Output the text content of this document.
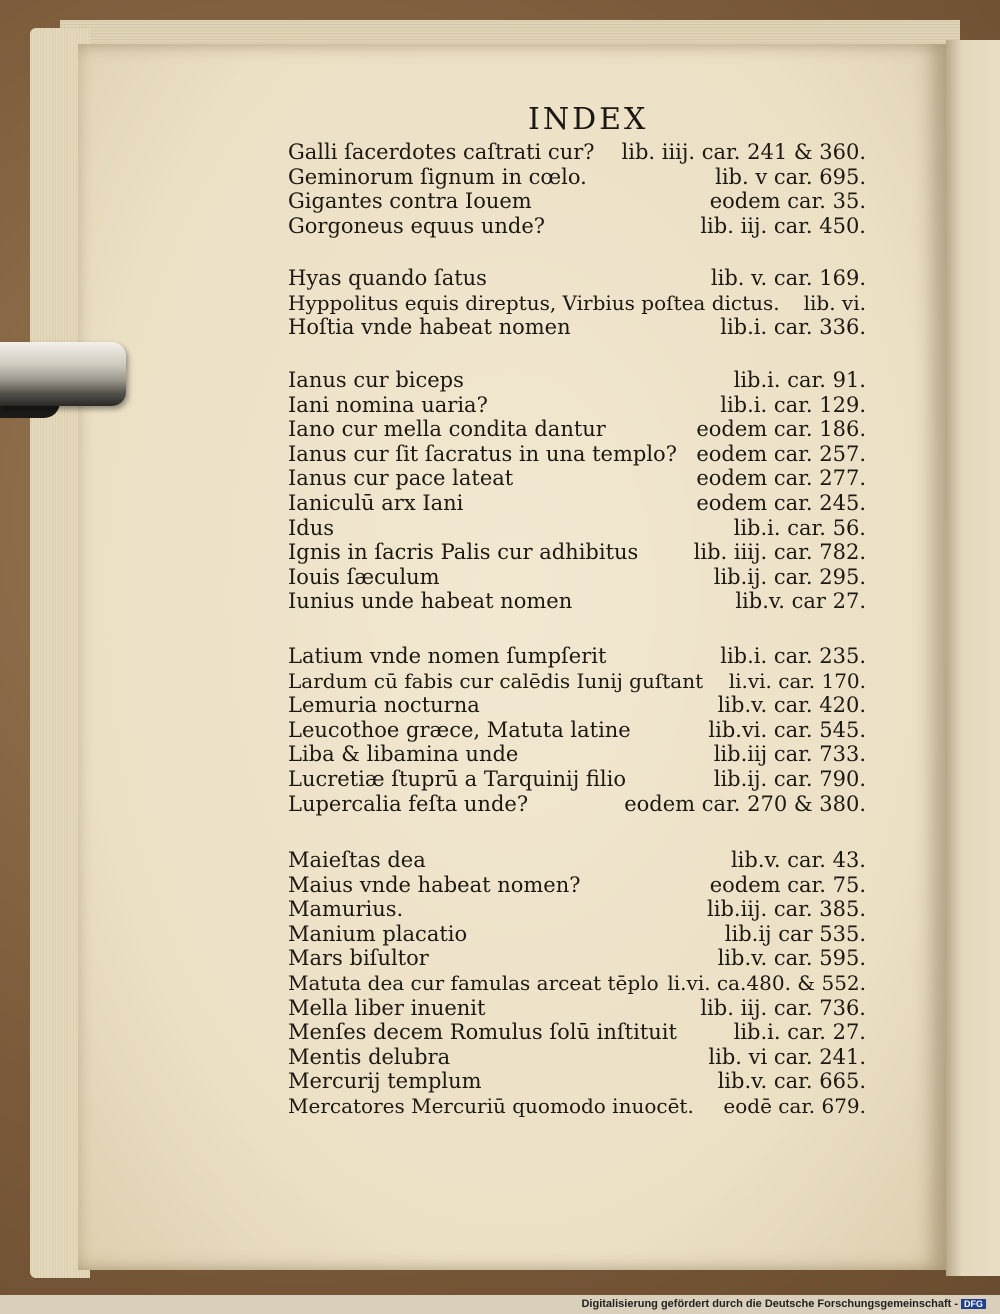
INDEX
Galli ſacerdotes caſtrati cur? lib. iiij. car. 241 & 360.
Geminorum ſignum in cœlo.	lib. v car. 695.
Gigantes contra Iouem	eodem car. 35.
Gorgoneus equus unde?	lib. iij. car. 450.
Hyas quando ſatus	lib. v. car. 169.
Hyppolitus equis direptus, Virbius poſtea dictus. lib. vi.
Hoſtia vnde habeat nomen	lib.i. car. 336.
Ianus cur biceps	lib.i. car. 91.
Iani nomina uaria?	lib.i. car. 129.
Iano cur mella condita dantur	eodem car. 186.
Ianus cur ſit ſacratus in una templo? eodem car. 257.
Ianus cur pace lateat	eodem car. 277.
Ianiculū arx Iani	eodem car. 245.
Idus	lib.i. car. 56.
Ignis in ſacris Palis cur adhibitus	lib. iiij. car. 782.
Iouis ſæculum	lib.ij. car. 295.
Iunius unde habeat nomen	lib.v. car 27.
Latium vnde nomen ſumpſerit	lib.i. car. 235.
Lardum cū fabis cur calēdis Iunij guſtant li.vi. car. 170.
Lemuria nocturna	lib.v. car. 420.
Leucothoe græce, Matuta latine	lib.vi. car. 545.
Liba & libamina unde	lib.iij car. 733.
Lucretiæ ſtuprū a Tarquinij filio	lib.ij. car. 790.
Lupercalia feſta unde?	eodem car. 270 & 380.
Maieſtas dea	lib.v. car. 43.
Maius vnde habeat nomen?	eodem car. 75.
Mamurius.	lib.iij. car. 385.
Manium placatio	lib.ij car 535.
Mars biſultor	lib.v. car. 595.
Matuta dea cur famulas arceat tēplo li.vi. ca.480. & 552.
Mella liber inuenit	lib. iij. car. 736.
Menſes decem Romulus ſolū inſtituit	lib.i. car. 27.
Mentis delubra	lib. vi car. 241.
Mercurij templum	lib.v. car. 665.
Mercatores Mercuriū quomodo inuocēt. eodē car. 679.
Digitalisierung gefördert durch die Deutsche Forschungsgemeinschaft - DFG
